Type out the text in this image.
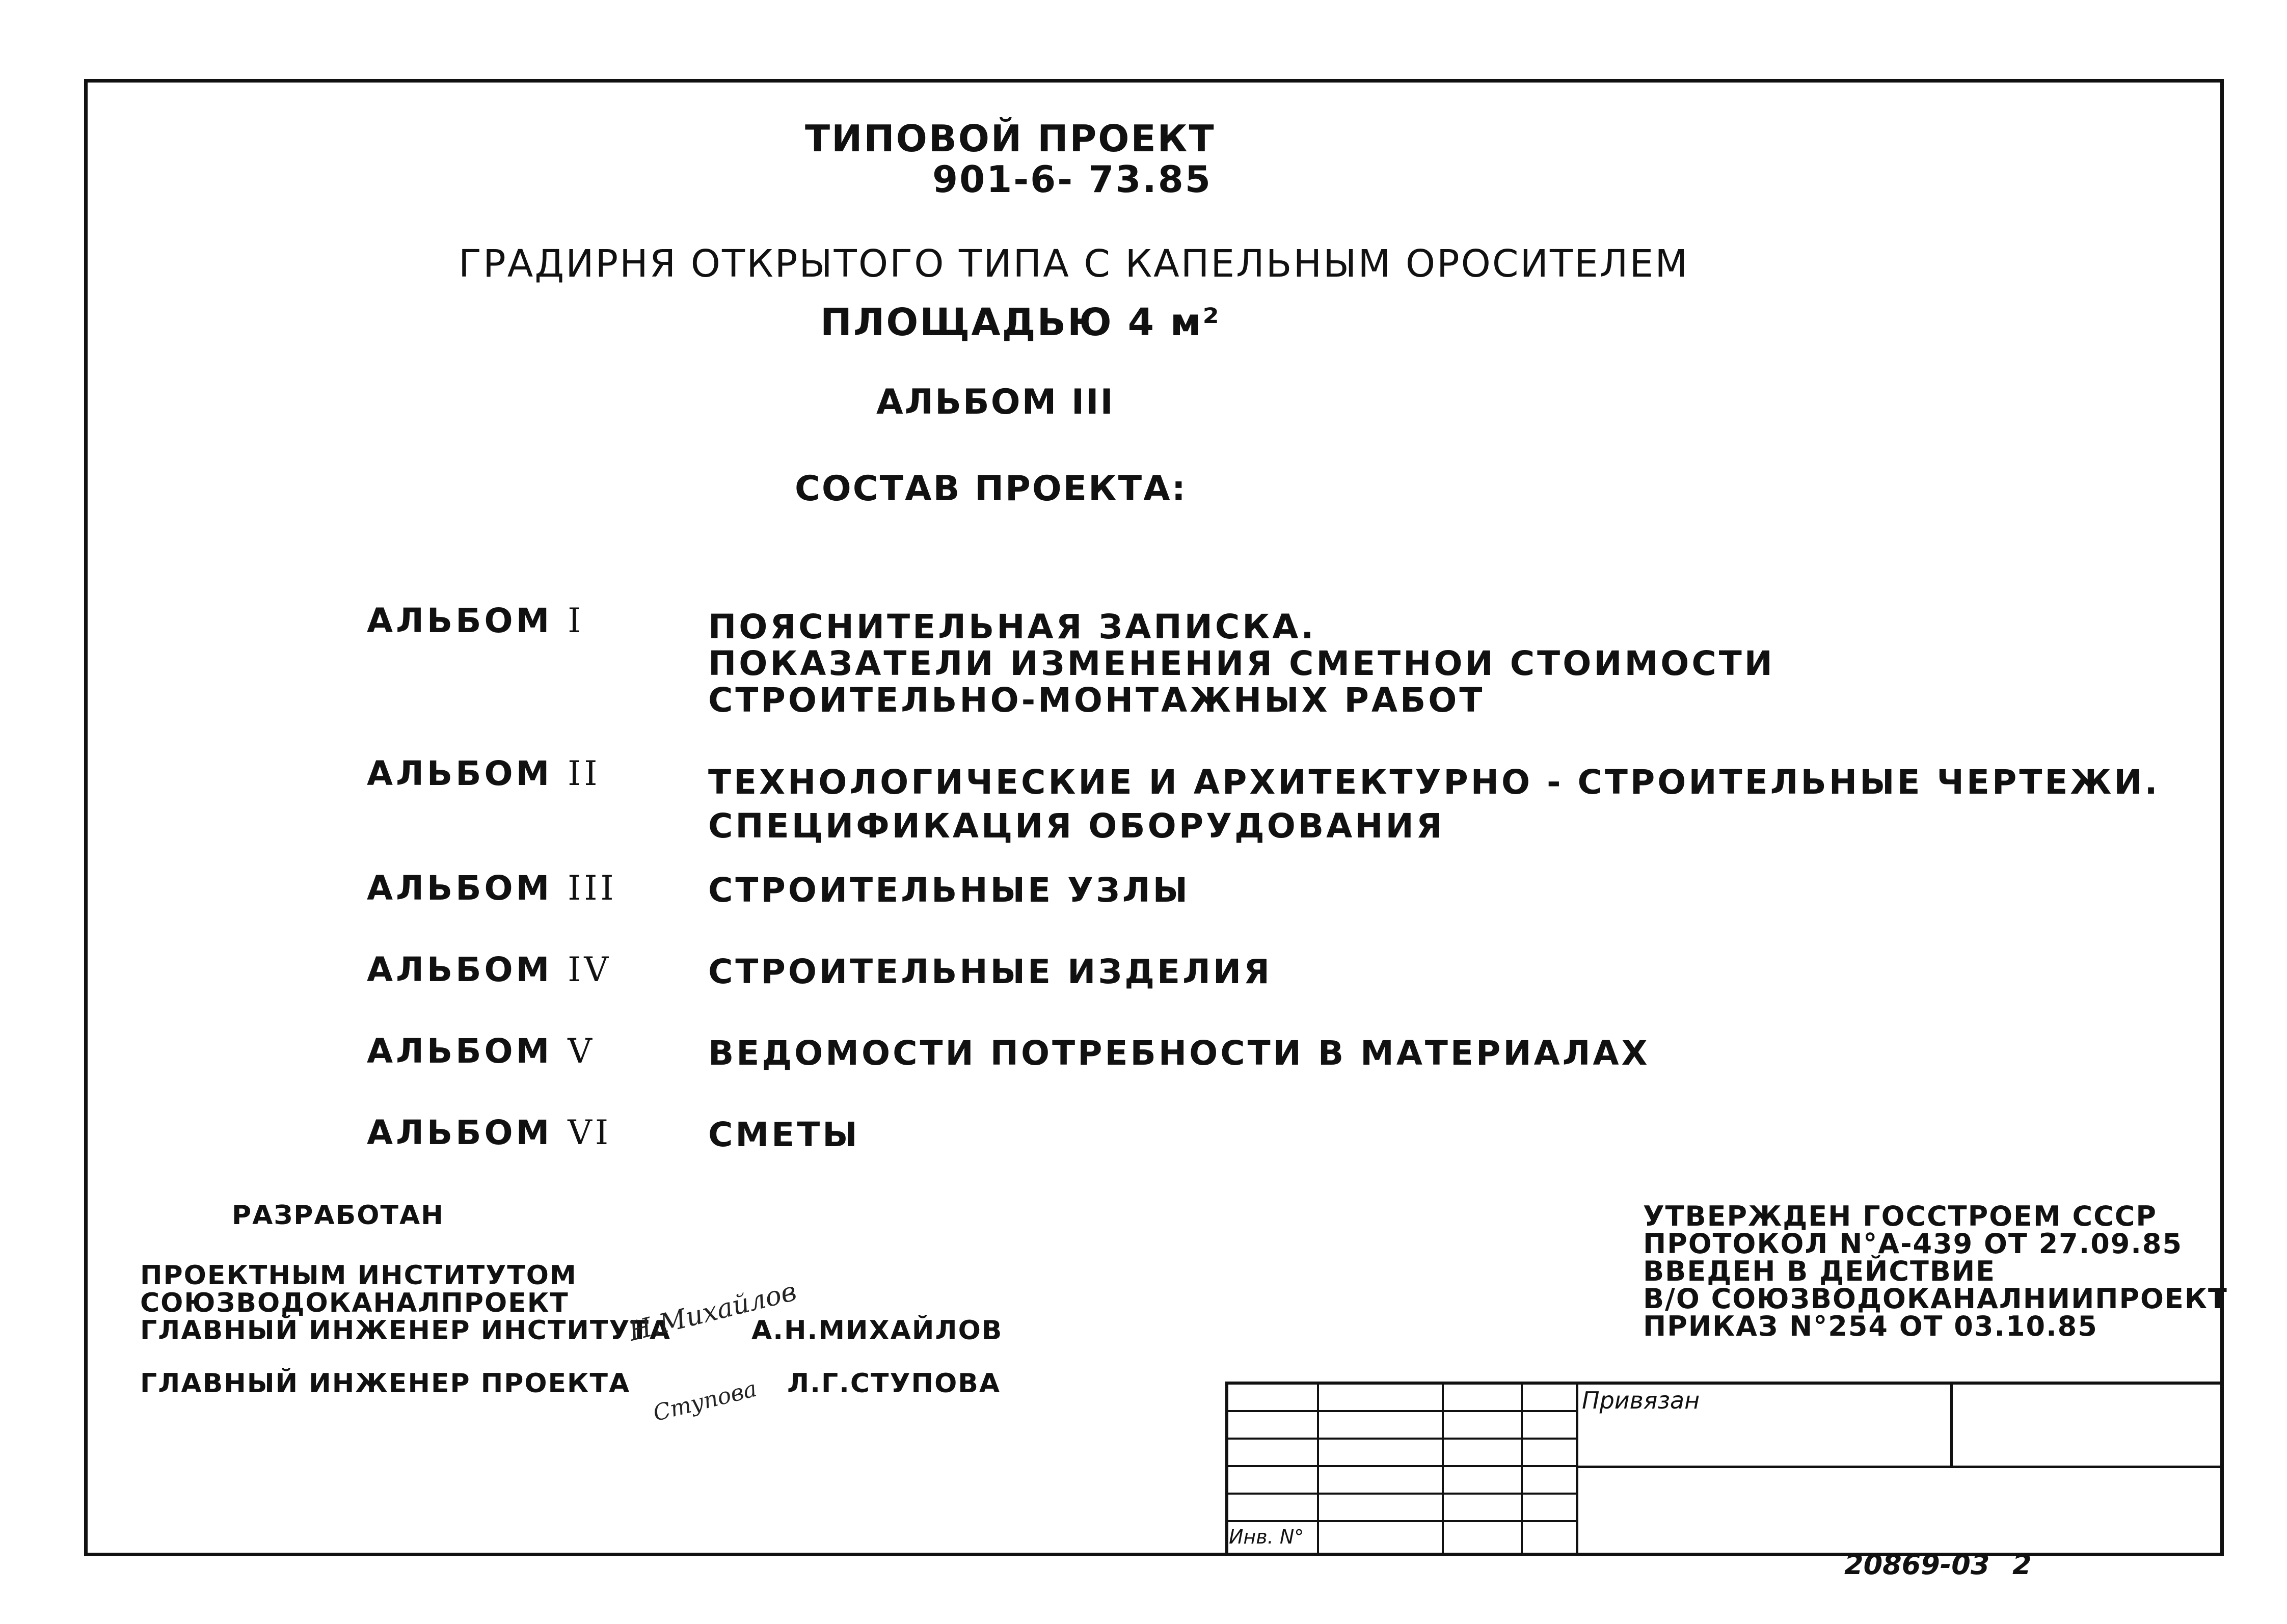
ТИПОВОЙ ПРОЕКТ
901-6- 73.85
ГРАДИРНЯ ОТКРЫТОГО ТИПА С КАПЕЛЬНЫМ ОРОСИТЕЛЕМ
ПЛОЩАДЬЮ 4 м²
АЛЬБОМ III
СОСТАВ ПРОЕКТА:
АЛЬБОМ I	ПОЯСНИТЕЛЬНАЯ ЗАПИСКА.
ПОКАЗАТЕЛИ ИЗМЕНЕНИЯ СМЕТНОИ СТОИМОСТИ
СТРОИТЕЛЬНО-МОНТАЖНЫХ РАБОТ
АЛЬБОМ II	ТЕХНОЛОГИЧЕСКИЕ И АРХИТЕКТУРНО - СТРОИТЕЛЬНЫЕ ЧЕРТЕЖИ.
СПЕЦИФИКАЦИЯ ОБОРУДОВАНИЯ
АЛЬБОМ III	СТРОИТЕЛЬНЫЕ УЗЛЫ
АЛЬБОМ IV	СТРОИТЕЛЬНЫЕ ИЗДЕЛИЯ
АЛЬБОМ V	ВЕДОМОСТИ ПОТРЕБНОСТИ В МАТЕРИАЛАХ
АЛЬБОМ VI	СМЕТЫ
РАЗРАБОТАН
ПРОЕКТНЫМ ИНСТИТУТОМ
СОЮЗВОДОКАНАЛПРОЕКТ
ГЛАВНЫЙ ИНЖЕНЕР ИНСТИТУТА	А.Н.МИХАЙЛОВ
ГЛАВНЫЙ ИНЖЕНЕР ПРОЕКТА	Л.Г.СТУПОВА
Н.Михайлов
Ступова
УТВЕРЖДЕН ГОССТРОЕМ СССР
ПРОТОКОЛ N°А-439 ОТ 27.09.85
ВВЕДЕН В ДЕЙСТВИЕ
В/О СОЮЗВОДОКАНАЛНИИПРОЕКТ
ПРИКАЗ N°254 ОТ 03.10.85
Привязан
Инв. N°
20869-03 2
